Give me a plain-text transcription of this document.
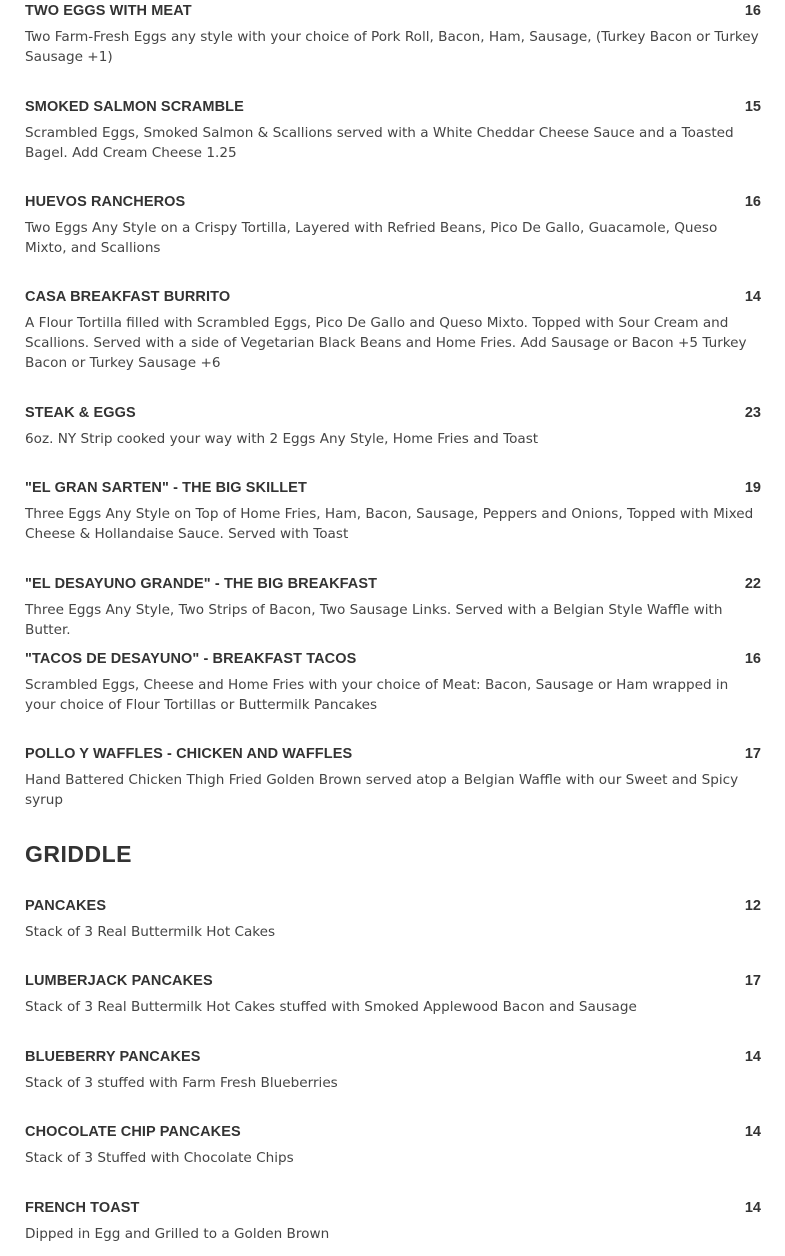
TWO EGGS WITH MEAT	16
Two Farm-Fresh Eggs any style with your choice of Pork Roll, Bacon, Ham, Sausage, (Turkey Bacon or Turkey Sausage +1)
SMOKED SALMON SCRAMBLE	15
Scrambled Eggs, Smoked Salmon & Scallions served with a White Cheddar Cheese Sauce and a Toasted Bagel. Add Cream Cheese 1.25
HUEVOS RANCHEROS	16
Two Eggs Any Style on a Crispy Tortilla, Layered with Refried Beans, Pico De Gallo, Guacamole, Queso Mixto, and Scallions
CASA BREAKFAST BURRITO	14
A Flour Tortilla filled with Scrambled Eggs, Pico De Gallo and Queso Mixto. Topped with Sour Cream and Scallions. Served with a side of Vegetarian Black Beans and Home Fries. Add Sausage or Bacon +5 Turkey Bacon or Turkey Sausage +6
STEAK & EGGS	23
6oz. NY Strip cooked your way with 2 Eggs Any Style, Home Fries and Toast
"EL GRAN SARTEN" - THE BIG SKILLET	19
Three Eggs Any Style on Top of Home Fries, Ham, Bacon, Sausage, Peppers and Onions, Topped with Mixed Cheese & Hollandaise Sauce. Served with Toast
"EL DESAYUNO GRANDE" - THE BIG BREAKFAST	22
Three Eggs Any Style, Two Strips of Bacon, Two Sausage Links. Served with a Belgian Style Waffle with Butter.
"TACOS DE DESAYUNO" - BREAKFAST TACOS	16
Scrambled Eggs, Cheese and Home Fries with your choice of Meat: Bacon, Sausage or Ham wrapped in your choice of Flour Tortillas or Buttermilk Pancakes
POLLO Y WAFFLES - CHICKEN AND WAFFLES	17
Hand Battered Chicken Thigh Fried Golden Brown served atop a Belgian Waffle with our Sweet and Spicy syrup
GRIDDLE
PANCAKES	12
Stack of 3 Real Buttermilk Hot Cakes
LUMBERJACK PANCAKES	17
Stack of 3 Real Buttermilk Hot Cakes stuffed with Smoked Applewood Bacon and Sausage
BLUEBERRY PANCAKES	14
Stack of 3 stuffed with Farm Fresh Blueberries
CHOCOLATE CHIP PANCAKES	14
Stack of 3 Stuffed with Chocolate Chips
FRENCH TOAST	14
Dipped in Egg and Grilled to a Golden Brown
